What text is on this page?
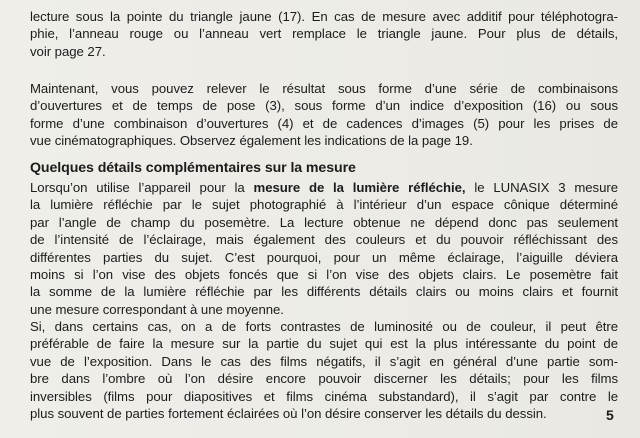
lecture sous la pointe du triangle jaune (17). En cas de mesure avec additif pour téléphotogra-
phie, l’anneau rouge ou l’anneau vert remplace le triangle jaune. Pour plus de détails,
voir page 27.

Maintenant, vous pouvez relever le résultat sous forme d’une série de combinaisons
d’ouvertures et de temps de pose (3), sous forme d’un indice d’exposition (16) ou sous
forme d’une combinaison d’ouvertures (4) et de cadences d’images (5) pour les prises de
vue cinématographiques. Observez également les indications de la page 19.

Quelques détails complémentaires sur la mesure

Lorsqu’on utilise l’appareil pour la mesure de la lumière réfléchie, le LUNASIX 3 mesure
la lumière réfléchie par le sujet photographié à l’intérieur d’un espace cônique déterminé
par l’angle de champ du posemètre. La lecture obtenue ne dépend donc pas seulement
de l’intensité de l’éclairage, mais également des couleurs et du pouvoir réfléchissant des
différentes parties du sujet. C’est pourquoi, pour un même éclairage, l’aiguille déviera
moins si l’on vise des objets foncés que si l’on vise des objets clairs. Le posemètre fait
la somme de la lumière réfléchie par les différents détails clairs ou moins clairs et fournit
une mesure correspondant à une moyenne.

Si, dans certains cas, on a de forts contrastes de luminosité ou de couleur, il peut être
préférable de faire la mesure sur la partie du sujet qui est la plus intéressante du point de
vue de l’exposition. Dans le cas des films négatifs, il s’agit en général d’une partie som-
bre dans l’ombre où l’on désire encore pouvoir discerner les détails; pour les films
inversibles (films pour diapositives et films cinéma substandard), il s’agit par contre le
plus souvent de parties fortement éclairées où l’on désire conserver les détails du dessin.	5
